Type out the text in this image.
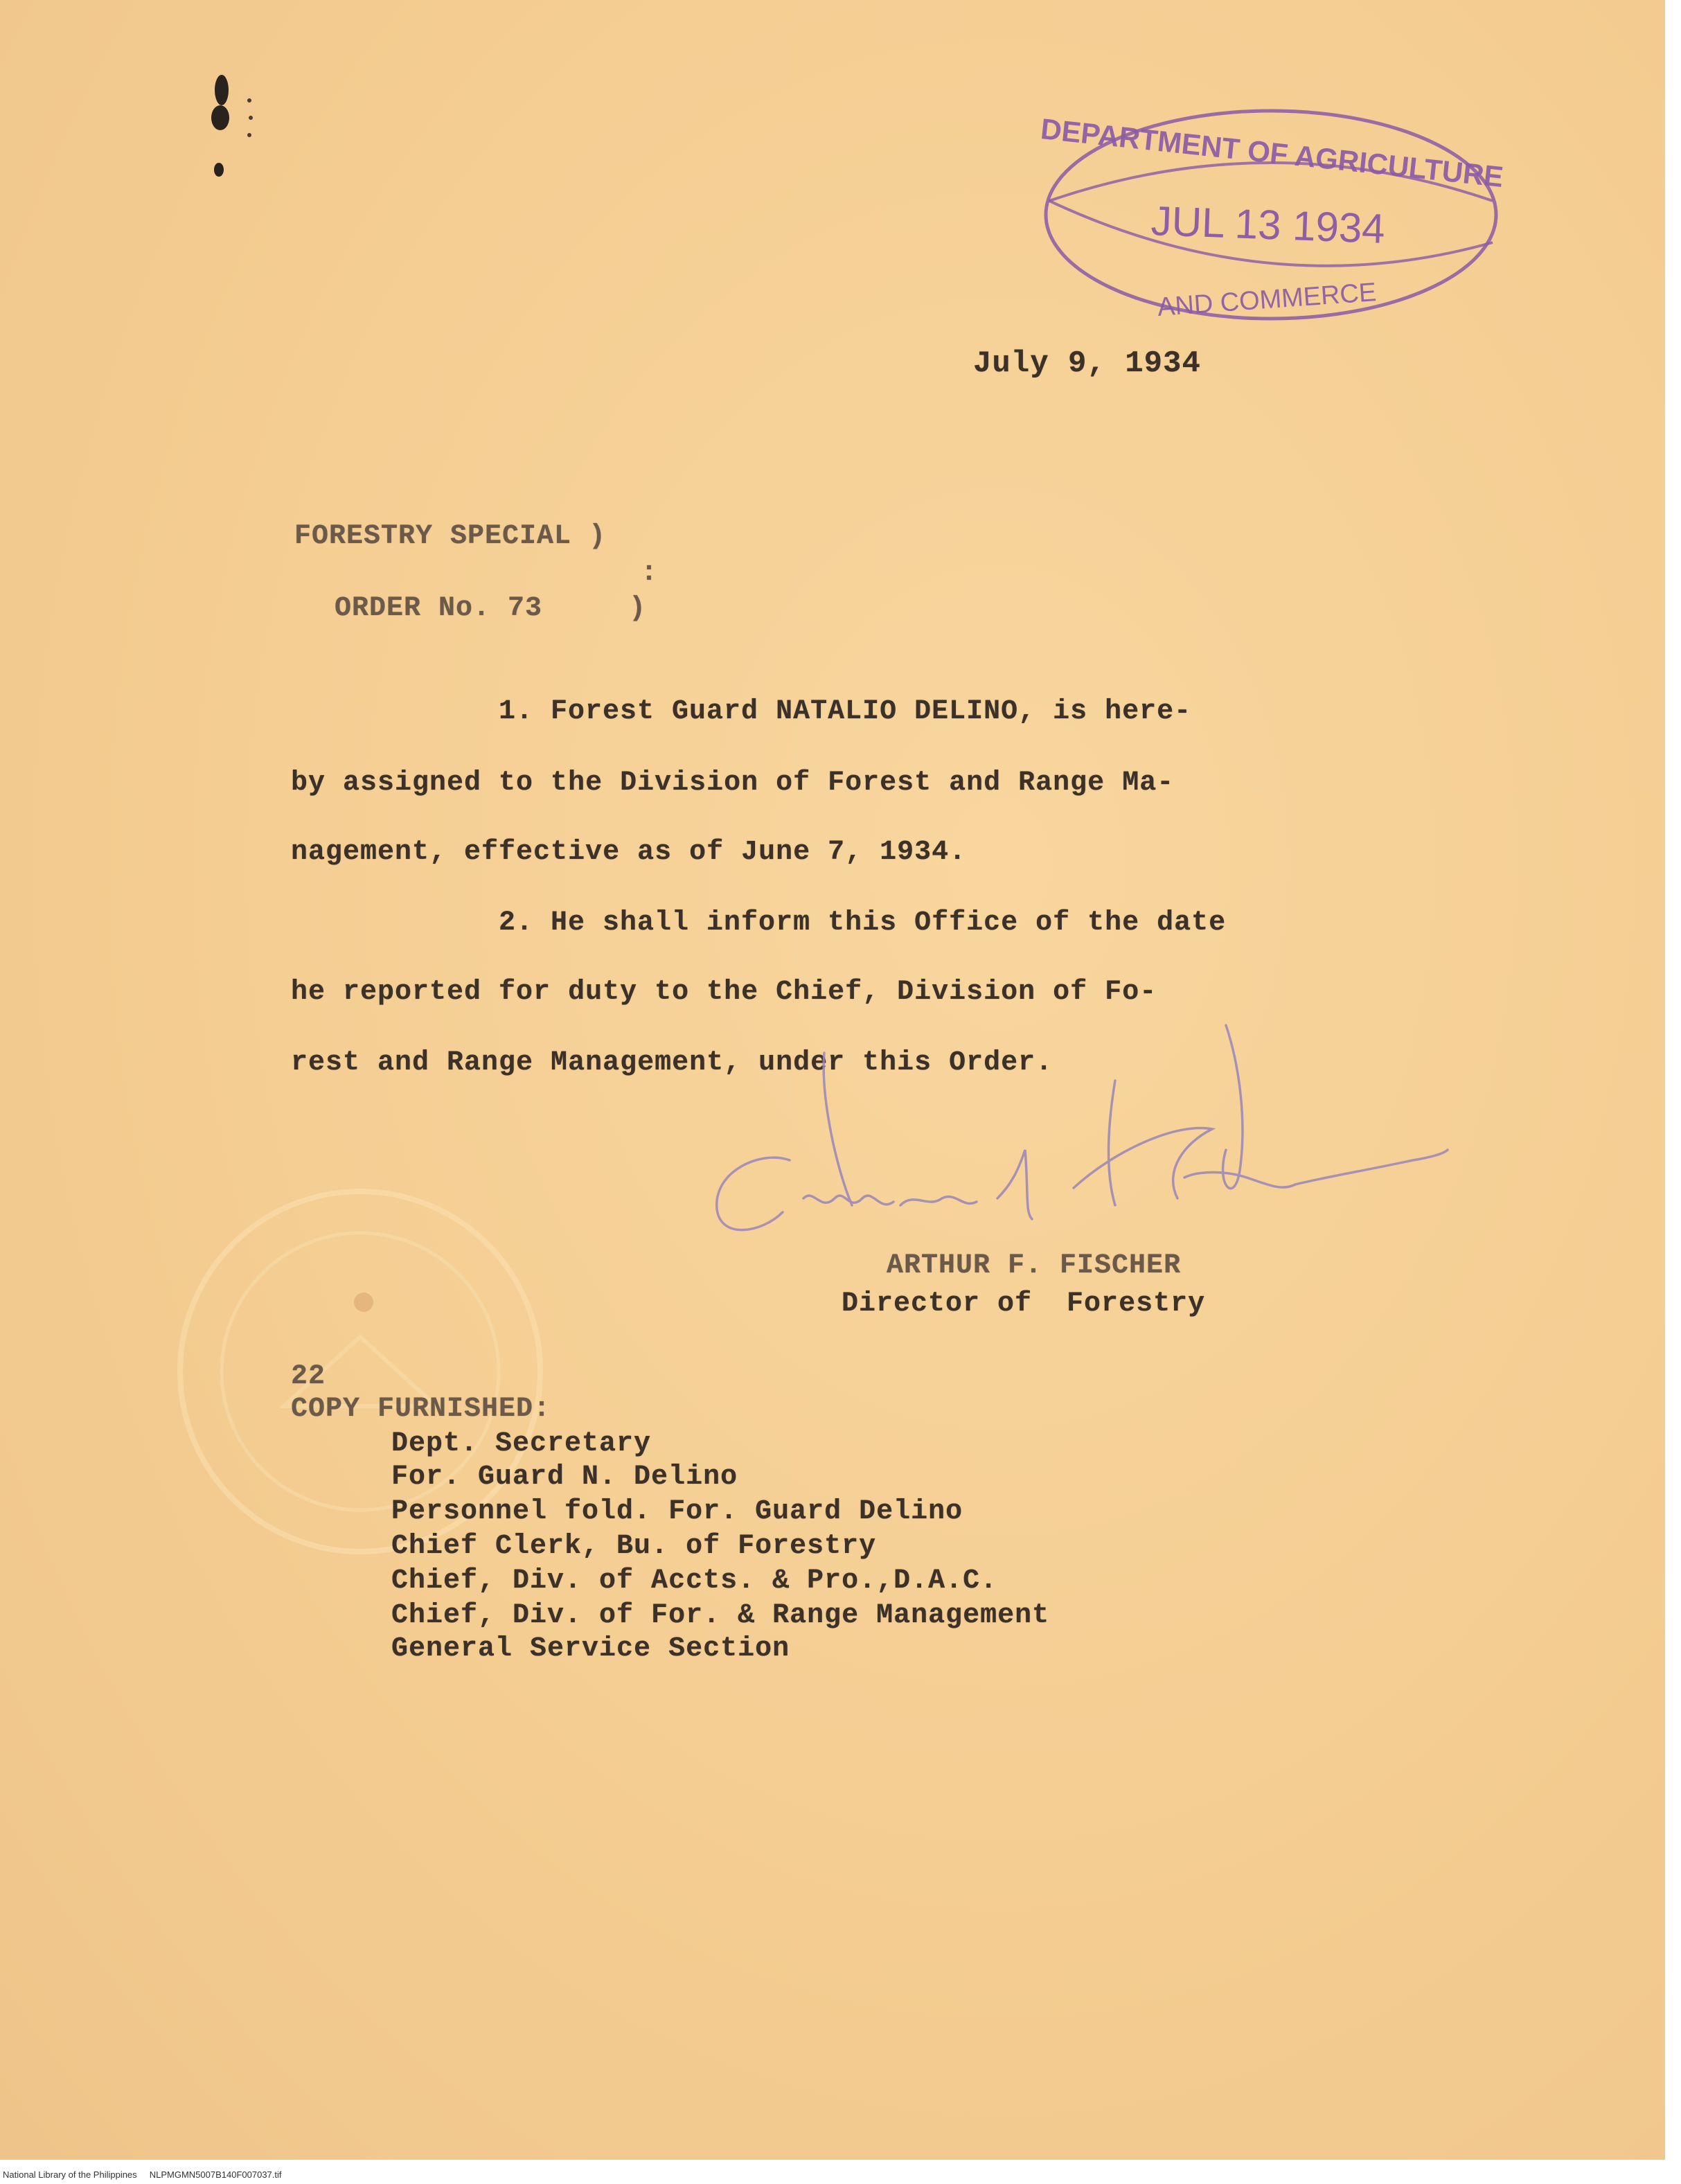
DEPARTMENT OF AGRICULTURE
JUL 13 1934
AND COMMERCE
July 9, 1934
FORESTRY SPECIAL )
:
ORDER No. 73     )
1. Forest Guard NATALIO DELINO, is here-
by assigned to the Division of Forest and Range Ma-
nagement, effective as of June 7, 1934.
2. He shall inform this Office of the date
he reported for duty to the Chief, Division of Fo-
rest and Range Management, under this Order.
ARTHUR F. FISCHER
Director of  Forestry
22
COPY FURNISHED:
Dept. Secretary
For. Guard N. Delino
Personnel fold. For. Guard Delino
Chief Clerk, Bu. of Forestry
Chief, Div. of Accts. & Pro.,D.A.C.
Chief, Div. of For. & Range Management
General Service Section
National Library of the Philippines NLPMGMN5007B140F007037.tif
